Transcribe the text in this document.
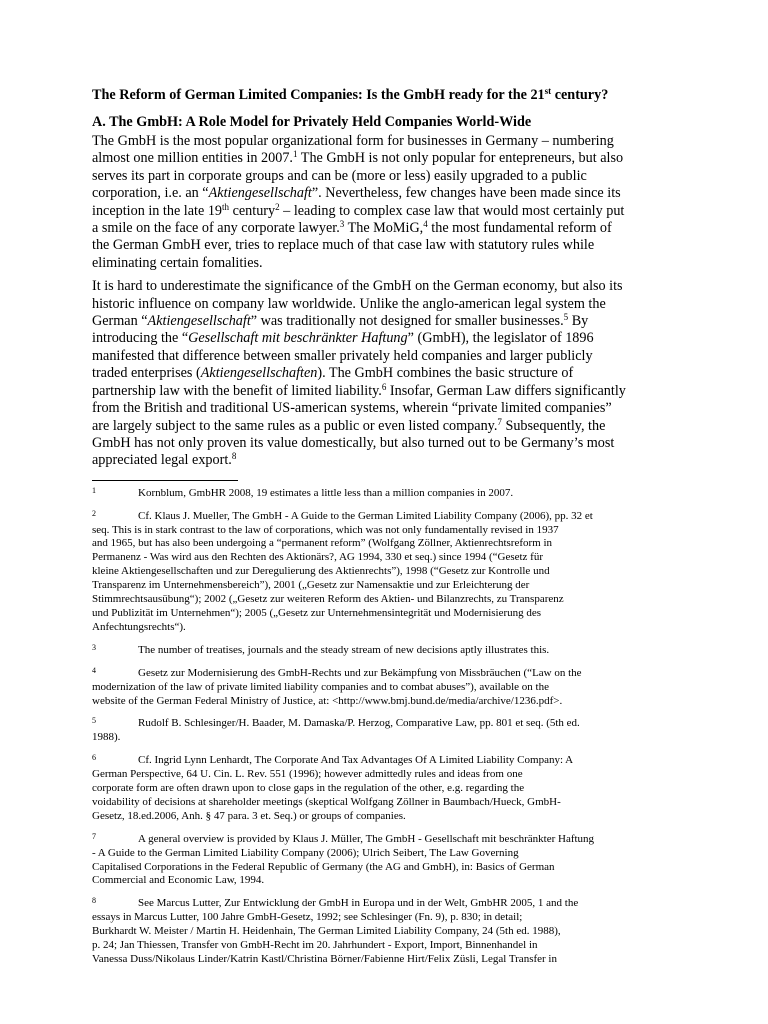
The Reform of German Limited Companies: Is the GmbH ready for the 21st century?
A. The GmbH: A Role Model for Privately Held Companies World-Wide
The GmbH is the most popular organizational form for businesses in Germany – numbering
almost one million entities in 2007.$^1$ The GmbH is not only popular for entepreneurs, but also
serves its part in corporate groups and can be (more or less) easily upgraded to a public
corporation, i.e. an “Aktiengesellschaft”. Nevertheless, few changes have been made since its
inception in the late 19th century$^2$ – leading to complex case law that would most certainly put
a smile on the face of any corporate lawyer.$^3$ The MoMiG,$^4$ the most fundamental reform of
the German GmbH ever, tries to replace much of that case law with statutory rules while
eliminating certain fomalities.
It is hard to underestimate the significance of the GmbH on the German economy, but also its
historic influence on company law worldwide. Unlike the anglo-american legal system the
German “Aktiengesellschaft” was traditionally not designed for smaller businesses.$^5$ By
introducing the “Gesellschaft mit beschränkter Haftung” (GmbH), the legislator of 1896
manifested that difference between smaller privately held companies and larger publicly
traded enterprises (Aktiengesellschaften). The GmbH combines the basic structure of
partnership law with the benefit of limited liability.$^6$ Insofar, German Law differs significantly
from the British and traditional US-american systems, wherein “private limited companies”
are largely subject to the same rules as a public or even listed company.$^7$ Subsequently, the
GmbH has not only proven its value domestically, but also turned out to be Germany’s most
appreciated legal export.$^8$
1	Kornblum, GmbHR 2008, 19 estimates a little less than a million companies in 2007.
2	Cf. Klaus J. Mueller, The GmbH - A Guide to the German Limited Liability Company (2006), pp. 32 et
seq. This is in stark contrast to the law of corporations, which was not only fundamentally revised in 1937
and 1965, but has also been undergoing a “permanent reform” (Wolfgang Zöllner, Aktienrechtsreform in
Permanenz - Was wird aus den Rechten des Aktionärs?, AG 1994, 330 et seq.) since 1994 (“Gesetz für
kleine Aktiengesellschaften und zur Deregulierung des Aktienrechts”), 1998 (“Gesetz zur Kontrolle und
Transparenz im Unternehmensbereich”), 2001 („Gesetz zur Namensaktie und zur Erleichterung der
Stimmrechtsausübung“); 2002 („Gesetz zur weiteren Reform des Aktien- und Bilanzrechts, zu Transparenz
und Publizität im Unternehmen“); 2005 („Gesetz zur Unternehmensintegrität und Modernisierung des
Anfechtungsrechts“).
3	The number of treatises, journals and the steady stream of new decisions aptly illustrates this.
4	Gesetz zur Modernisierung des GmbH-Rechts und zur Bekämpfung von Missbräuchen (“Law on the
modernization of the law of private limited liability companies and to combat abuses”), available on the
website of the German Federal Ministry of Justice, at: <http://www.bmj.bund.de/media/archive/1236.pdf>.
5	Rudolf B. Schlesinger/H. Baader, M. Damaska/P. Herzog, Comparative Law, pp. 801 et seq. (5th ed.
1988).
6	Cf. Ingrid Lynn Lenhardt, The Corporate And Tax Advantages Of A Limited Liability Company: A
German Perspective, 64 U. Cin. L. Rev. 551 (1996); however admittedly rules and ideas from one
corporate form are often drawn upon to close gaps in the regulation of the other, e.g. regarding the
voidability of decisions at shareholder meetings (skeptical Wolfgang Zöllner in Baumbach/Hueck, GmbH-
Gesetz, 18.ed.2006, Anh. § 47 para. 3 et. Seq.) or groups of companies.
7	A general overview is provided by Klaus J. Müller, The GmbH - Gesellschaft mit beschränkter Haftung
- A Guide to the German Limited Liability Company (2006); Ulrich Seibert, The Law Governing
Capitalised Corporations in the Federal Republic of Germany (the AG and GmbH), in: Basics of German
Commercial and Economic Law, 1994.
8	See Marcus Lutter, Zur Entwicklung der GmbH in Europa und in der Welt, GmbHR 2005, 1 and the
essays in Marcus Lutter, 100 Jahre GmbH-Gesetz, 1992; see Schlesinger (Fn. 9), p. 830; in detail;
Burkhardt W. Meister / Martin H. Heidenhain, The German Limited Liability Company, 24 (5th ed. 1988),
p. 24; Jan Thiessen, Transfer von GmbH-Recht im 20. Jahrhundert - Export, Import, Binnenhandel in
Vanessa Duss/Nikolaus Linder/Katrin Kastl/Christina Börner/Fabienne Hirt/Felix Züsli, Legal Transfer in
